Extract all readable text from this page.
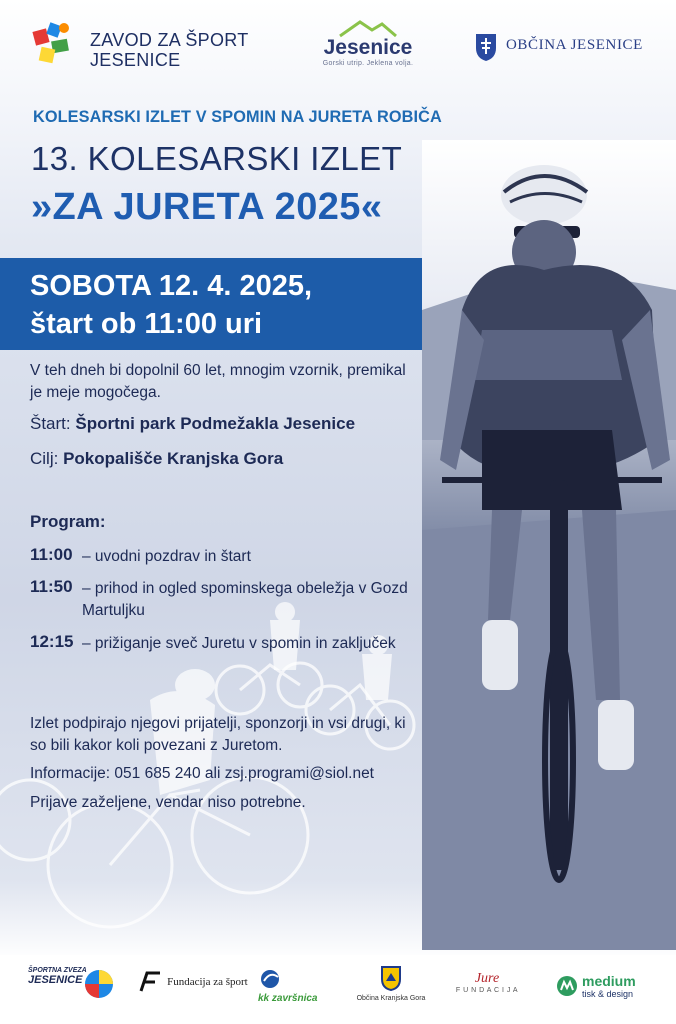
ZAVOD ZA ŠPORT
JESENICE
Jesenice
Gorski utrip. Jeklena volja.
OBČINA JESENICE
KOLESARSKI IZLET V SPOMIN NA JURETA ROBIČA
13. KOLESARSKI IZLET
»ZA JURETA 2025«
SOBOTA 12. 4. 2025,
štart ob 11:00 uri
V teh dneh bi dopolnil 60 let, mnogim vzornik, premikal je meje mogočega.
Štart: Športni park Podmežakla Jesenice
Cilj: Pokopališče Kranjska Gora
Program:
11:00 – uvodni pozdrav in štart
11:50 – prihod in ogled spominskega obeležja v Gozd Martuljku
12:15 – prižiganje sveč Juretu v spomin in zaključek
Izlet podpirajo njegovi prijatelji, sponzorji in vsi drugi, ki so bili kakor koli povezani z Juretom.
Informacije: 051 685 240 ali zsj.programi@siol.net
Prijave zaželjene, vendar niso potrebne.
ŠPORTNA ZVEZA
JESENICE	Fundacija za šport
kk završnica	Občina Kranjska Gora
Jure
F U N D A C I J A
medium
tisk & design
